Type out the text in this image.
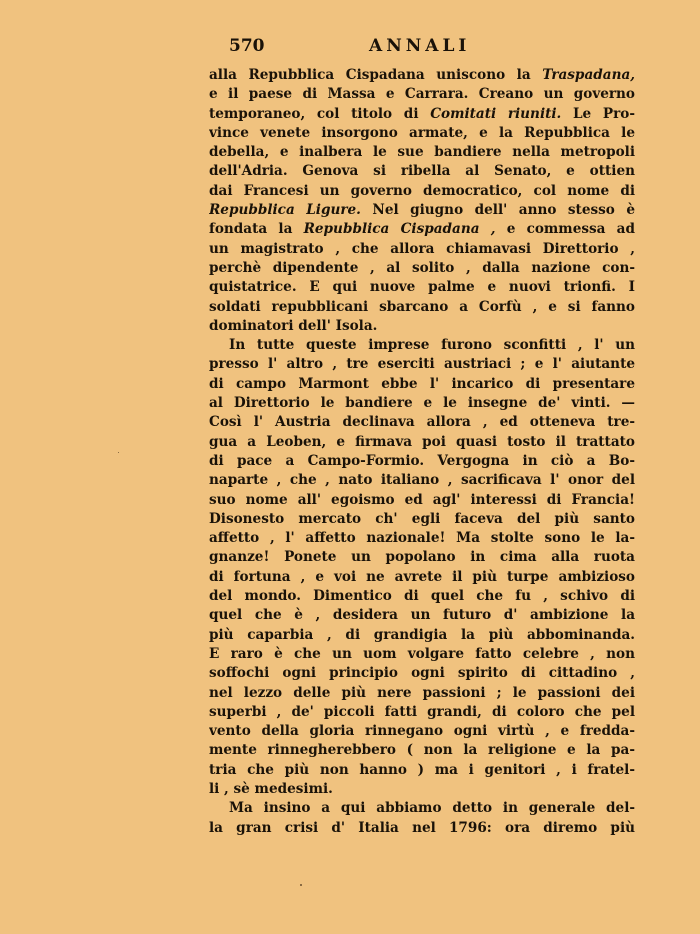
570	ANNALI
alla Repubblica Cispadana uniscono la Traspadana,
e il paese di Massa e Carrara. Creano un governo
temporaneo, col titolo di Comitati riuniti. Le Pro-
vince venete insorgono armate, e la Repubblica le
debella, e inalbera le sue bandiere nella metropoli
dell'Adria. Genova si ribella al Senato, e ottien
dai Francesi un governo democratico, col nome di
Repubblica Ligure. Nel giugno dell' anno stesso è
fondata la Repubblica Cispadana , e commessa ad
un magistrato , che allora chiamavasi Direttorio ,
perchè dipendente , al solito , dalla nazione con-
quistatrice. E qui nuove palme e nuovi trionfi. I
soldati repubblicani sbarcano a Corfù , e si fanno
dominatori dell' Isola.
In tutte queste imprese furono sconfitti , l' un
presso l' altro , tre eserciti austriaci ; e l' aiutante
di campo Marmont ebbe l' incarico di presentare
al Direttorio le bandiere e le insegne de' vinti. —
Così l' Austria declinava allora , ed otteneva tre-
gua a Leoben, e firmava poi quasi tosto il trattato
di pace a Campo-Formio. Vergogna in ciò a Bo-
naparte , che , nato italiano , sacrificava l' onor del
suo nome all' egoismo ed agl' interessi di Francia!
Disonesto mercato ch' egli faceva del più santo
affetto , l' affetto nazionale! Ma stolte sono le la-
gnanze! Ponete un popolano in cima alla ruota
di fortuna , e voi ne avrete il più turpe ambizioso
del mondo. Dimentico di quel che fu , schivo di
quel che è , desidera un futuro d' ambizione la
più caparbia , di grandigia la più abbominanda.
E raro è che un uom volgare fatto celebre , non
soffochi ogni principio ogni spirito di cittadino ,
nel lezzo delle più nere passioni ; le passioni dei
superbi , de' piccoli fatti grandi, di coloro che pel
vento della gloria rinnegano ogni virtù , e fredda-
mente rinnegherebbero ( non la religione e la pa-
tria che più non hanno ) ma i genitori , i fratel-
li , sè medesimi.
Ma insino a qui abbiamo detto in generale del-
la gran crisi d' Italia nel 1796: ora diremo più
